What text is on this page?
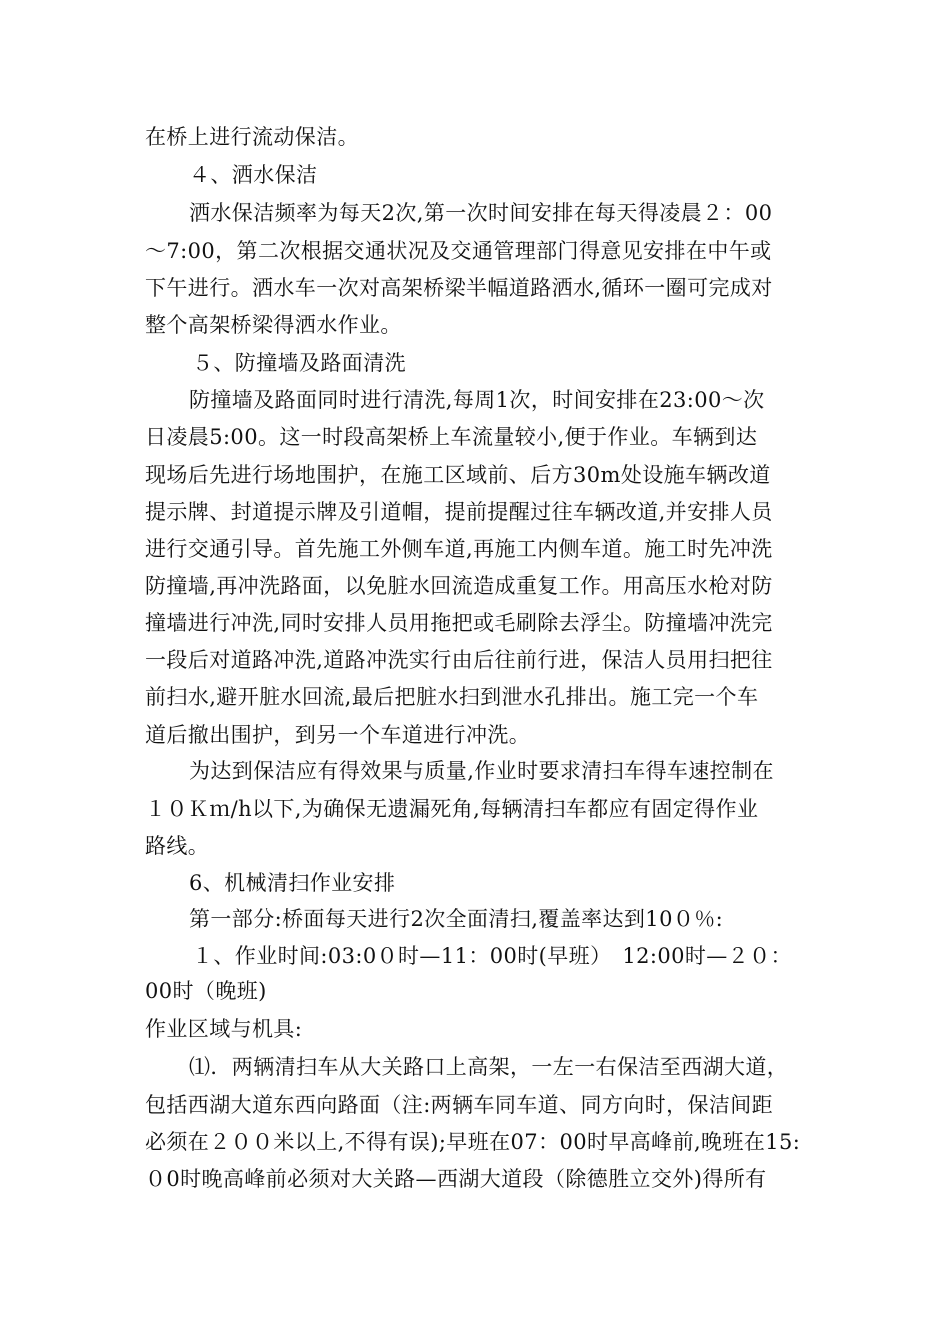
在桥上进行流动保洁。
４、洒水保洁
洒水保洁频率为每天2次,第一次时间安排在每天得凌晨２：00
～7:00，第二次根据交通状况及交通管理部门得意见安排在中午或
下午进行。洒水车一次对高架桥梁半幅道路洒水,循环一圈可完成对
整个高架桥梁得洒水作业。
５、防撞墙及路面清洗
防撞墙及路面同时进行清洗,每周1次，时间安排在23:00～次
日凌晨5:00。这一时段高架桥上车流量较小,便于作业。车辆到达
现场后先进行场地围护，在施工区域前、后方30m处设施车辆改道
提示牌、封道提示牌及引道帽，提前提醒过往车辆改道,并安排人员
进行交通引导。首先施工外侧车道,再施工内侧车道。施工时先冲洗
防撞墙,再冲洗路面，以免脏水回流造成重复工作。用高压水枪对防
撞墙进行冲洗,同时安排人员用拖把或毛刷除去浮尘。防撞墙冲洗完
一段后对道路冲洗,道路冲洗实行由后往前行进，保洁人员用扫把往
前扫水,避开脏水回流,最后把脏水扫到泄水孔排出。施工完一个车
道后撤出围护，到另一个车道进行冲洗。
为达到保洁应有得效果与质量,作业时要求清扫车得车速控制在
１０Ｋｍ/h以下,为确保无遗漏死角,每辆清扫车都应有固定得作业
路线。
6、机械清扫作业安排
第一部分:桥面每天进行2次全面清扫,覆盖率达到10０％:
１、作业时间:03:0０时—11：00时(早班）　12:00时—２０：
00时（晚班)
作业区域与机具:
⑴．两辆清扫车从大关路口上高架，一左一右保洁至西湖大道，
包括西湖大道东西向路面（注:两辆车同车道、同方向时，保洁间距
必须在２００米以上,不得有误);早班在07：00时早高峰前,晚班在15:
０0时晚高峰前必须对大关路—西湖大道段（除德胜立交外)得所有
